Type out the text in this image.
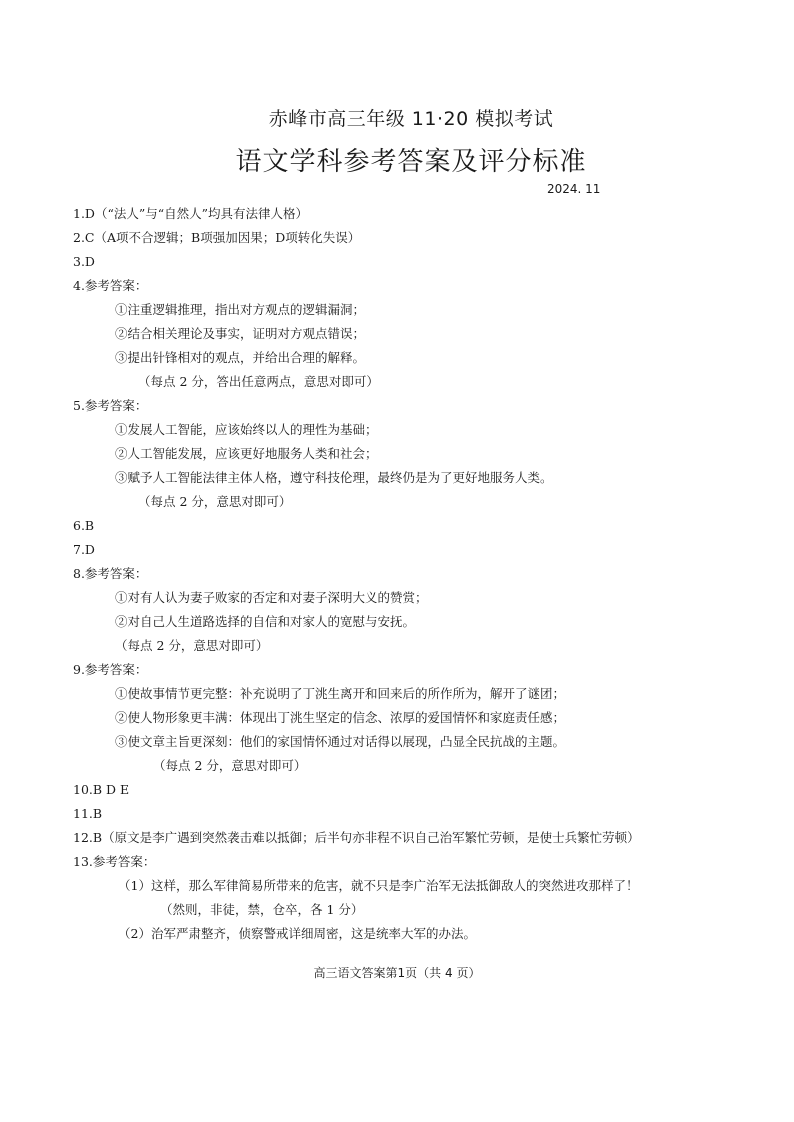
赤峰市高三年级 11·20 模拟考试
语文学科参考答案及评分标准
2024. 11
1.D（“法人”与“自然人”均具有法律人格）
2.C（A项不合逻辑；B项强加因果；D项转化失误）
3.D
4.参考答案：
①注重逻辑推理，指出对方观点的逻辑漏洞；
②结合相关理论及事实，证明对方观点错误；
③提出针锋相对的观点，并给出合理的解释。
（每点 2 分，答出任意两点，意思对即可）
5.参考答案：
①发展人工智能，应该始终以人的理性为基础；
②人工智能发展，应该更好地服务人类和社会；
③赋予人工智能法律主体人格，遵守科技伦理，最终仍是为了更好地服务人类。
（每点 2 分，意思对即可）
6.B
7.D
8.参考答案：
①对有人认为妻子败家的否定和对妻子深明大义的赞赏；
②对自己人生道路选择的自信和对家人的宽慰与安抚。
（每点 2 分，意思对即可）
9.参考答案：
①使故事情节更完整：补充说明了丁洮生离开和回来后的所作所为，解开了谜团；
②使人物形象更丰满：体现出丁洮生坚定的信念、浓厚的爱国情怀和家庭责任感；
③使文章主旨更深刻：他们的家国情怀通过对话得以展现，凸显全民抗战的主题。
（每点 2 分，意思对即可）
10.B D E
11.B
12.B（原文是李广遇到突然袭击难以抵御；后半句亦非程不识自己治军繁忙劳顿，是使士兵繁忙劳顿）
13.参考答案：
（1）这样，那么军律简易所带来的危害，就不只是李广治军无法抵御敌人的突然进攻那样了！
（然则，非徒，禁，仓卒，各 1 分）
（2）治军严肃整齐，侦察警戒详细周密，这是统率大军的办法。
高三语文答案第1页（共 4 页）
